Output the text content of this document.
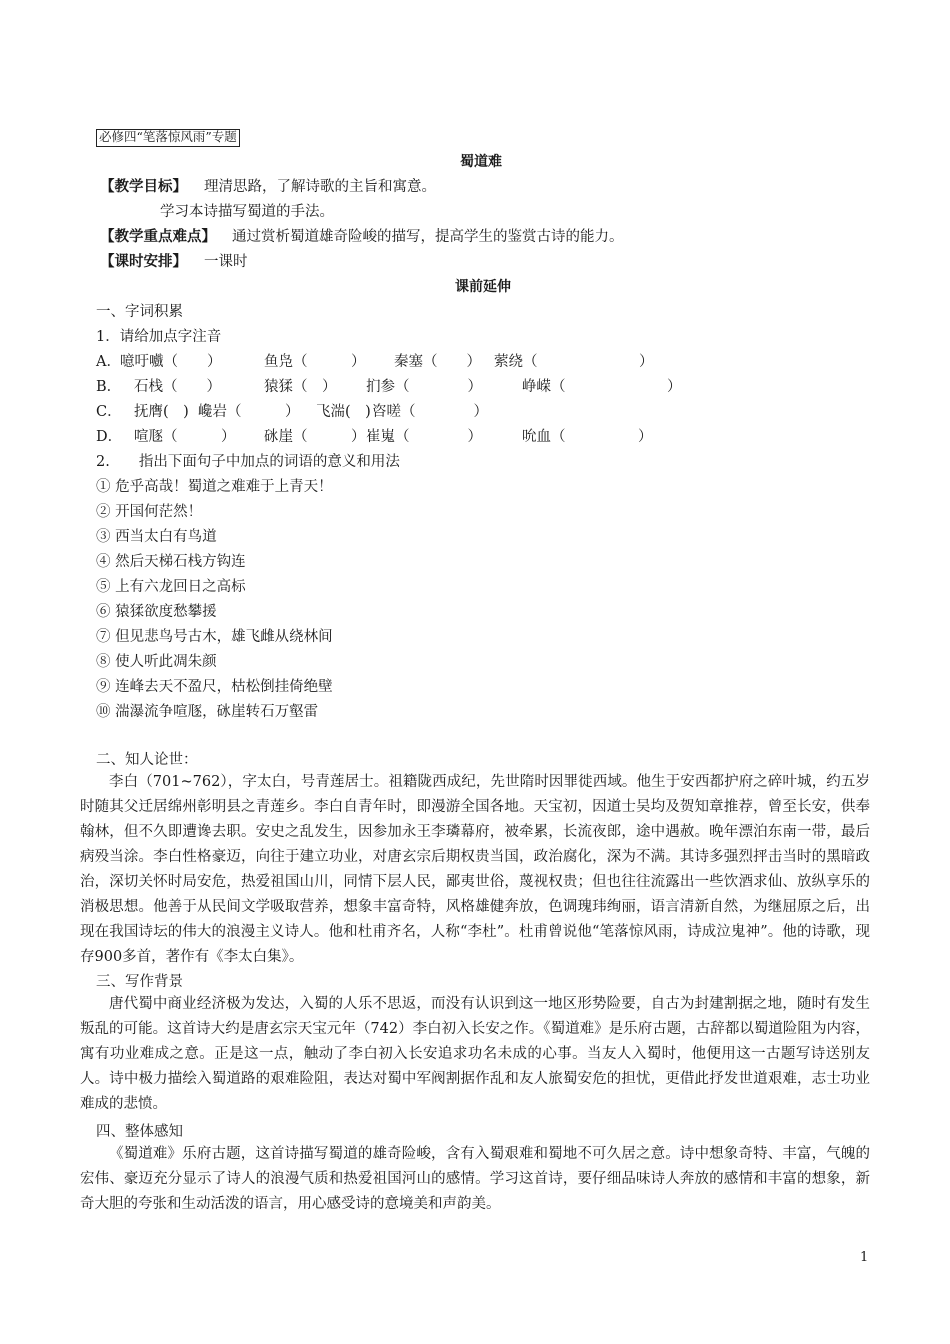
必修四“笔落惊风雨”专题
蜀道难
【教学目标】 理清思路，了解诗歌的主旨和寓意。
学习本诗描写蜀道的手法。
【教学重点难点】 通过赏析蜀道雄奇险峻的描写，提高学生的鉴赏古诗的能力。
【课时安排】 一课时
课前延伸
一、字词积累
1．请给加点字注音
A． 噫吁嚱（　　）	鱼凫（　　　） 秦塞（　　） 萦绕（　　　　　　　）
B． 石栈（　　）	猿猱（　） 扪参（　　　　）	峥嵘（　　　　　　　）
C． 抚膺(　) 巉岩（　　　） 飞湍(　) 咨嗟（　　　　）
D． 喧豗（　　　） 砯崖（　　　） 崔嵬（　　　　）	吮血（　　　　　）
2.　　指出下面句子中加点的词语的意义和用法
① 危乎高哉！蜀道之难难于上青天！
② 开国何茫然！
③ 西当太白有鸟道
④ 然后天梯石栈方钩连
⑤ 上有六龙回日之高标
⑥ 猿猱欲度愁攀援
⑦ 但见悲鸟号古木，雄飞雌从绕林间
⑧ 使人听此凋朱颜
⑨ 连峰去天不盈尺，枯松倒挂倚绝壁
⑩ 湍瀑流争喧豗，砯崖转石万壑雷
二、知人论世：

李白（701~762），字太白，号青莲居士。祖籍陇西成纪，先世隋时因罪徙西域。他生于安西都护府之碎叶城，约五岁时随其父迁居绵州彰明县之青莲乡。李白自青年时，即漫游全国各地。天宝初，因道士吴均及贺知章推荐，曾至长安，供奉翰林，但不久即遭谗去职。安史之乱发生，因参加永王李璘幕府，被牵累，长流夜郎，途中遇赦。晚年漂泊东南一带，最后病殁当涂。李白性格豪迈，向往于建立功业，对唐玄宗后期权贵当国，政治腐化，深为不满。其诗多强烈抨击当时的黑暗政治，深切关怀时局安危，热爱祖国山川，同情下层人民，鄙夷世俗，蔑视权贵；但也往往流露出一些饮酒求仙、放纵享乐的消极思想。他善于从民间文学吸取营养，想象丰富奇特，风格雄健奔放，色调瑰玮绚丽，语言清新自然，为继屈原之后，出现在我国诗坛的伟大的浪漫主义诗人。他和杜甫齐名，人称“李杜”。杜甫曾说他“笔落惊风雨，诗成泣鬼神”。他的诗歌，现存900多首，著作有《李太白集》。

三、写作背景

唐代蜀中商业经济极为发达，入蜀的人乐不思返，而没有认识到这一地区形势险要，自古为封建割据之地，随时有发生叛乱的可能。这首诗大约是唐玄宗天宝元年（742）李白初入长安之作。《蜀道难》是乐府古题，古辞都以蜀道险阻为内容，寓有功业难成之意。正是这一点，触动了李白初入长安追求功名未成的心事。当友人入蜀时，他便用这一古题写诗送别友人。诗中极力描绘入蜀道路的艰难险阻，表达对蜀中军阀割据作乱和友人旅蜀安危的担忧，更借此抒发世道艰难，志士功业难成的悲愤。

四、整体感知

《蜀道难》乐府古题，这首诗描写蜀道的雄奇险峻，含有入蜀艰难和蜀地不可久居之意。诗中想象奇特、丰富，气魄的宏伟、豪迈充分显示了诗人的浪漫气质和热爱祖国河山的感情。学习这首诗，要仔细品味诗人奔放的感情和丰富的想象，新奇大胆的夸张和生动活泼的语言，用心感受诗的意境美和声韵美。

1
